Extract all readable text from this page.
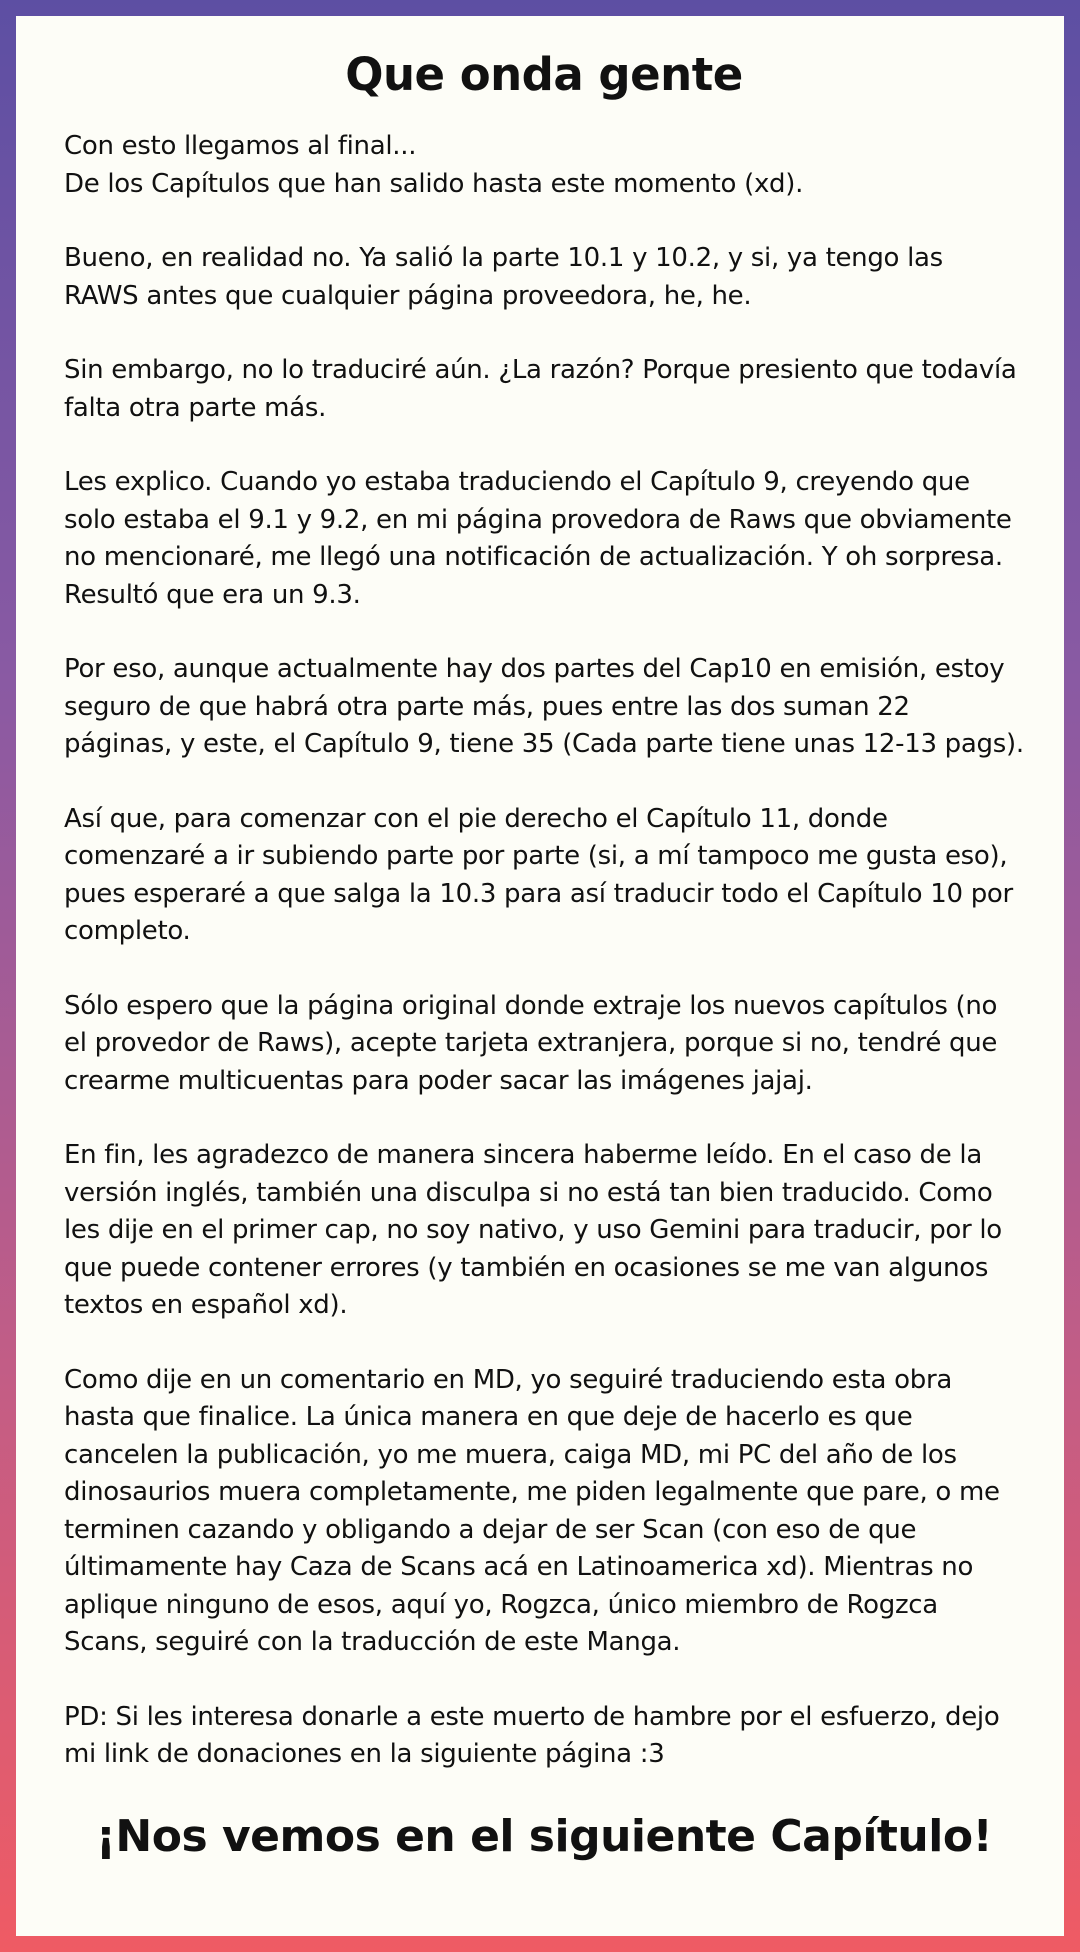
Que onda gente

Con esto llegamos al final...
De los Capítulos que han salido hasta este momento (xd).

Bueno, en realidad no. Ya salió la parte 10.1 y 10.2, y si, ya tengo las RAWS antes que cualquier página proveedora, he, he.

Sin embargo, no lo traduciré aún. ¿La razón? Porque presiento que todavía falta otra parte más.

Les explico. Cuando yo estaba traduciendo el Capítulo 9, creyendo que solo estaba el 9.1 y 9.2, en mi página provedora de Raws que obviamente no mencionaré, me llegó una notificación de actualización. Y oh sorpresa. Resultó que era un 9.3.

Por eso, aunque actualmente hay dos partes del Cap10 en emisión, estoy seguro de que habrá otra parte más, pues entre las dos suman 22 páginas, y este, el Capítulo 9, tiene 35 (Cada parte tiene unas 12-13 pags).

Así que, para comenzar con el pie derecho el Capítulo 11, donde comenzaré a ir subiendo parte por parte (si, a mí tampoco me gusta eso), pues esperaré a que salga la 10.3 para así traducir todo el Capítulo 10 por completo.

Sólo espero que la página original donde extraje los nuevos capítulos (no el provedor de Raws), acepte tarjeta extranjera, porque si no, tendré que crearme multicuentas para poder sacar las imágenes jajaj.

En fin, les agradezco de manera sincera haberme leído. En el caso de la versión inglés, también una disculpa si no está tan bien traducido. Como les dije en el primer cap, no soy nativo, y uso Gemini para traducir, por lo que puede contener errores (y también en ocasiones se me van algunos textos en español xd).

Como dije en un comentario en MD, yo seguiré traduciendo esta obra hasta que finalice. La única manera en que deje de hacerlo es que cancelen la publicación, yo me muera, caiga MD, mi PC del año de los dinosaurios muera completamente, me piden legalmente que pare, o me terminen cazando y obligando a dejar de ser Scan (con eso de que últimamente hay Caza de Scans acá en Latinoamerica xd). Mientras no aplique ninguno de esos, aquí yo, Rogzca, único miembro de Rogzca Scans, seguiré con la traducción de este Manga.

PD: Si les interesa donarle a este muerto de hambre por el esfuerzo, dejo mi link de donaciones en la siguiente página :3

¡Nos vemos en el siguiente Capítulo!
